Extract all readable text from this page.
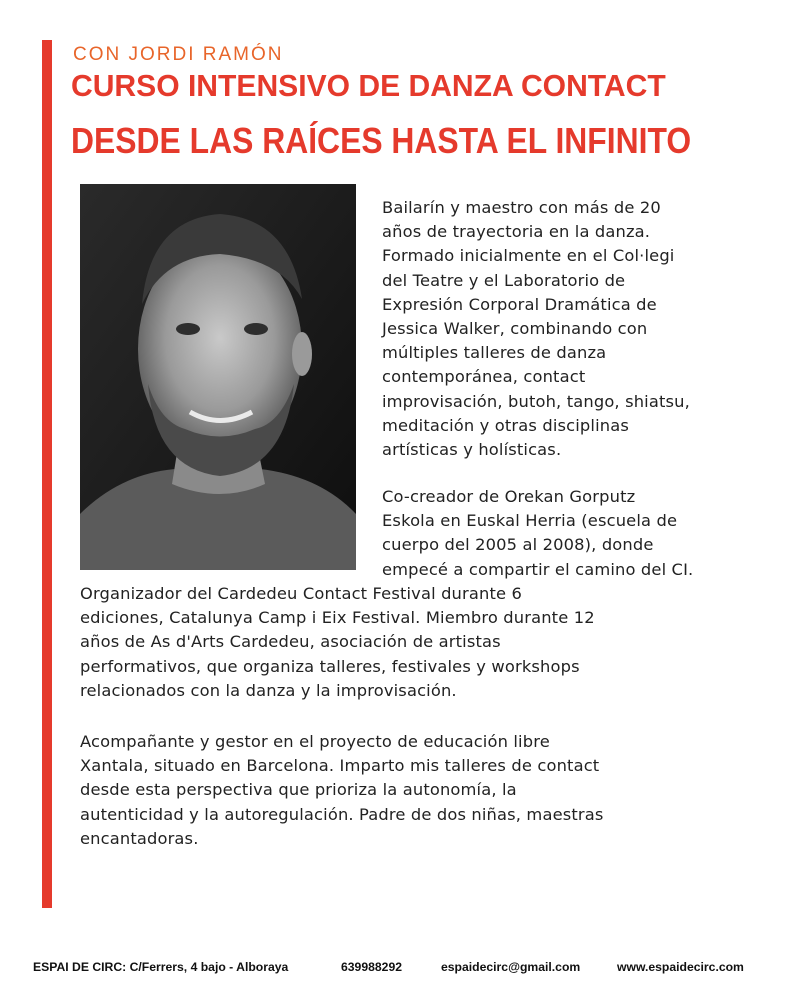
CON JORDI RAMÓN
CURSO INTENSIVO DE DANZA CONTACT
DESDE LAS RAÍCES HASTA EL INFINITO
Bailarín y maestro con más de 20
años de trayectoria en la danza.
Formado inicialmente en el Col·legi
del Teatre y el Laboratorio de
Expresión Corporal Dramática de
Jessica Walker, combinando con
múltiples talleres de danza
contemporánea, contact
improvisación, butoh, tango, shiatsu,
meditación y otras disciplinas
artísticas y holísticas.
Co-creador de Orekan Gorputz
Eskola en Euskal Herria (escuela de
cuerpo del 2005 al 2008), donde
empecé a compartir el camino del CI.
Organizador del Cardedeu Contact Festival durante 6
ediciones, Catalunya Camp i Eix Festival. Miembro durante 12
años de As d'Arts Cardedeu, asociación de artistas
performativos, que organiza talleres, festivales y workshops
relacionados con la danza y la improvisación.
Acompañante y gestor en el proyecto de educación libre
Xantala, situado en Barcelona. Imparto mis talleres de contact
desde esta perspectiva que prioriza la autonomía, la
autenticidad y la autoregulación. Padre de dos niñas, maestras
encantadoras.
ESPAI DE CIRC: C/Ferrers, 4 bajo - Alboraya	639988292	espaidecirc@gmail.com	www.espaidecirc.com
